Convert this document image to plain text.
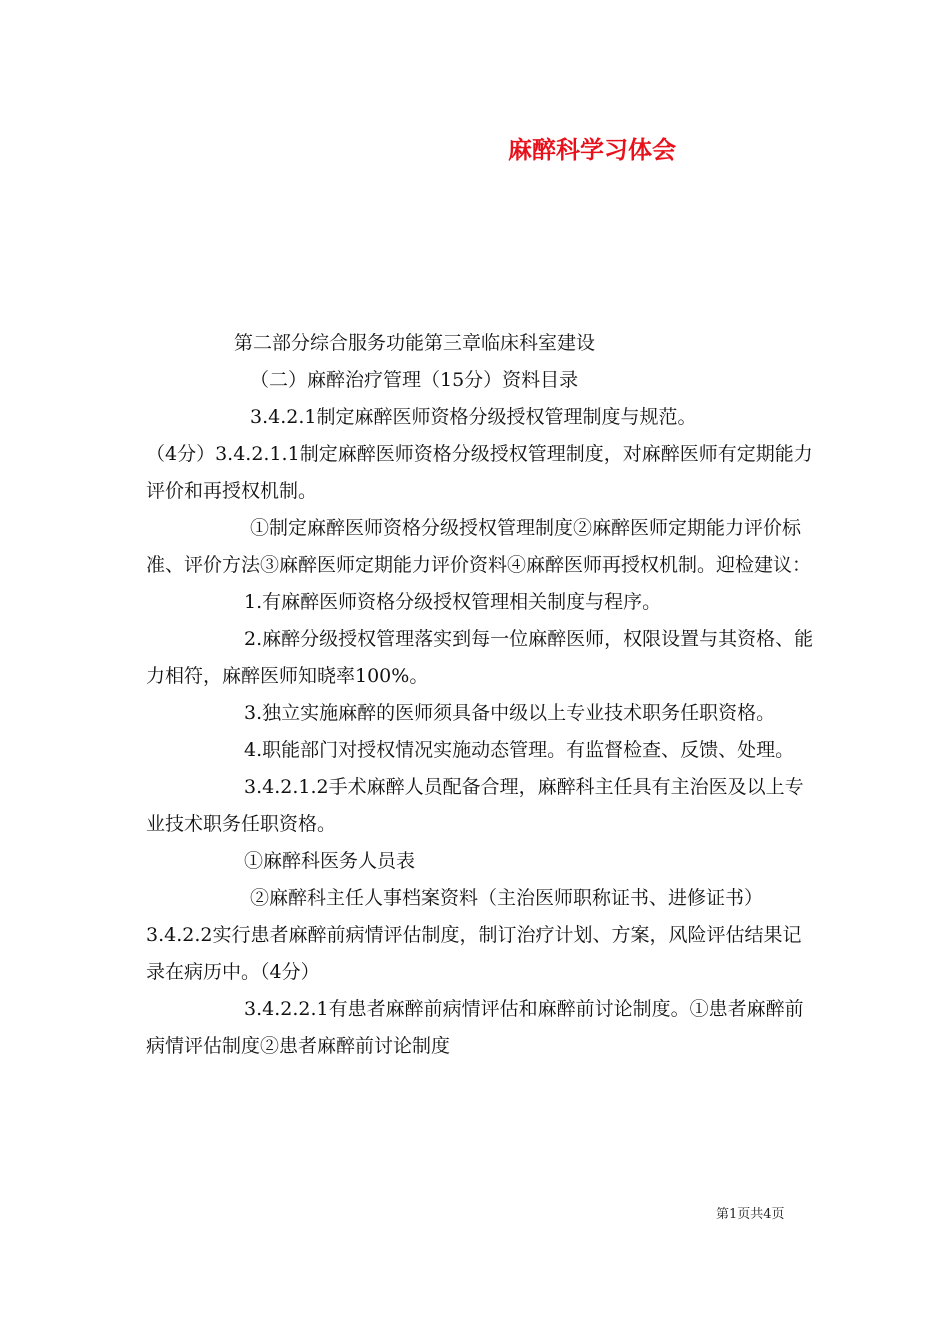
麻醉科学习体会

第二部分综合服务功能第三章临床科室建设

（二）麻醉治疗管理（15分）资料目录

3.4.2.1制定麻醉医师资格分级授权管理制度与规范。

（4分）3.4.2.1.1制定麻醉医师资格分级授权管理制度，对麻醉医师有定期能力评价和再授权机制。

①制定麻醉医师资格分级授权管理制度②麻醉医师定期能力评价标准、评价方法③麻醉医师定期能力评价资料④麻醉医师再授权机制。迎检建议：

1.有麻醉医师资格分级授权管理相关制度与程序。

2.麻醉分级授权管理落实到每一位麻醉医师，权限设置与其资格、能力相符，麻醉医师知晓率100%。

3.独立实施麻醉的医师须具备中级以上专业技术职务任职资格。

4.职能部门对授权情况实施动态管理。有监督检查、反馈、处理。

3.4.2.1.2手术麻醉人员配备合理，麻醉科主任具有主治医及以上专业技术职务任职资格。

①麻醉科医务人员表

②麻醉科主任人事档案资料（主治医师职称证书、进修证书）3.4.2.2实行患者麻醉前病情评估制度，制订治疗计划、方案，风险评估结果记录在病历中。（4分）

3.4.2.2.1有患者麻醉前病情评估和麻醉前讨论制度。①患者麻醉前病情评估制度②患者麻醉前讨论制度

第1页共4页
